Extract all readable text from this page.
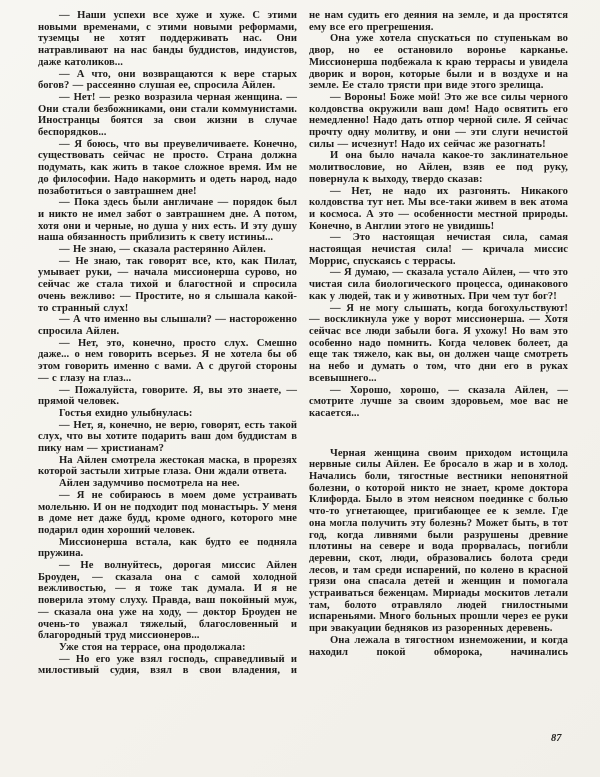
— Наши успехи все хуже и хуже. С этими новыми временами, с этими новыми реформами, туземцы не хотят поддерживать нас. Они натравливают на нас банды буддистов, индуистов, даже католиков...

— А что, они возвращаются к вере старых богов? — рассеянно слушая ее, спросила Айлен.

— Нет! — резко возразила черная женщина. — Они стали безбожниками, они стали коммунистами. Иностранцы боятся за свои жизни в случае беспорядков...

— Я боюсь, что вы преувеличиваете. Конечно, существовать сейчас не просто. Страна должна подумать, как жить в такое сложное время. Им не до философии. Надо накормить и одеть народ, надо позаботиться о завтрашнем дне!

— Пока здесь были англичане — порядок был и никто не имел забот о завтрашнем дне. А потом, хотя они и черные, но душа у них есть. И эту душу наша обязанность приблизить к свету истины...

— Не знаю, — сказала растерянно Айлен.

— Не знаю, так говорят все, кто, как Пилат, умывает руки, — начала миссионерша сурово, но сейчас же стала тихой и благостной и спросила очень вежливо: — Простите, но я слышала какой-то странный слух!

— А что именно вы слышали? — настороженно спросила Айлен.

— Нет, это, конечно, просто слух. Смешно даже... о нем говорить всерьез. Я не хотела бы об этом говорить именно с вами. А с другой стороны — с глазу на глаз...

— Пожалуйста, говорите. Я, вы это знаете, — прямой человек.

Гостья ехидно улыбнулась:

— Нет, я, конечно, не верю, говорят, есть такой слух, что вы хотите подарить ваш дом буддистам в пику нам — христианам?

На Айлен смотрела жестокая маска, в прорезях которой застыли хитрые глаза. Они ждали ответа.

Айлен задумчиво посмотрела на нее.

— Я не собираюсь в моем доме устраивать молельню. И он не подходит под монастырь. У меня в доме нет даже будд, кроме одного, которого мне подарил один хороший человек.

Миссионерша встала, как будто ее подняла пружина.

— Не волнуйтесь, дорогая миссис Айлен Броуден, — сказала она с самой холодной вежливостью, — я тоже так думала. И я не поверила этому слуху. Правда, ваш покойный муж, — сказала она уже на ходу, — доктор Броуден не очень-то уважал тяжелый, благословенный и благородный труд миссионеров...

Уже стоя на террасе, она продолжала:

— Но его уже взял господь, справедливый и милостивый судия, взял в свои владения, и

не нам судить его деяния на земле, и да простятся ему все его прегрешения.

Она уже хотела спускаться по ступенькам во двор, но ее остановило воронье карканье. Миссионерша подбежала к краю террасы и увидела дворик и ворон, которые были и в воздухе и на земле. Ее стало трясти при виде этого зрелища.

— Вороны! Боже мой! Это же все силы черного колдовства окружили ваш дом! Надо освятить его немедленно! Надо дать отпор черной силе. Я сейчас прочту одну молитву, и они — эти слуги нечистой силы — исчезнут! Надо их сейчас же разогнать!

И она было начала какое-то заклинательное молитвословие, но Айлен, взяв ее под руку, повернула к выходу, твердо сказав:

— Нет, не надо их разгонять. Никакого колдовства тут нет. Мы все-таки живем в век атома и космоса. А это — особенности местной природы. Конечно, в Англии этого не увидишь!

— Это настоящая нечистая сила, самая настоящая нечистая сила! — кричала миссис Моррис, спускаясь с террасы.

— Я думаю, — сказала устало Айлен, — что это чистая сила биологического процесса, одинакового как у людей, так и у животных. При чем тут бог?!

— Я не могу слышать, когда богохульствуют! — воскликнула уже у ворот миссионерша. — Хотя сейчас все люди забыли бога. Я ухожу! Но вам это особенно надо помнить. Когда человек болеет, да еще так тяжело, как вы, он должен чаще смотреть на небо и думать о том, что дни его в руках всевышнего...

— Хорошо, хорошо, — сказала Айлен, — смотрите лучше за своим здоровьем, мое вас не касается...

Черная женщина своим приходом истощила нервные силы Айлен. Ее бросало в жар и в холод. Начались боли, тягостные вестники непонятной болезни, о которой никто не знает, кроме доктора Клифорда. Было в этом неясном поединке с болью что-то угнетающее, пригибающее ее к земле. Где она могла получить эту болезнь? Может быть, в тот год, когда ливнями были разрушены древние плотины на севере и вода прорвалась, погибли деревни, скот, люди, образовались болота среди лесов, и там среди испарений, по колено в красной грязи она спасала детей и женщин и помогала устраиваться беженцам. Мириады москитов летали там, болото отравляло людей гнилостными испареньями. Много больных прошли через ее руки при эвакуации бедняков из разоренных деревень.

Она лежала в тягостном изнеможении, и когда находил покой обморока, начинались

87
